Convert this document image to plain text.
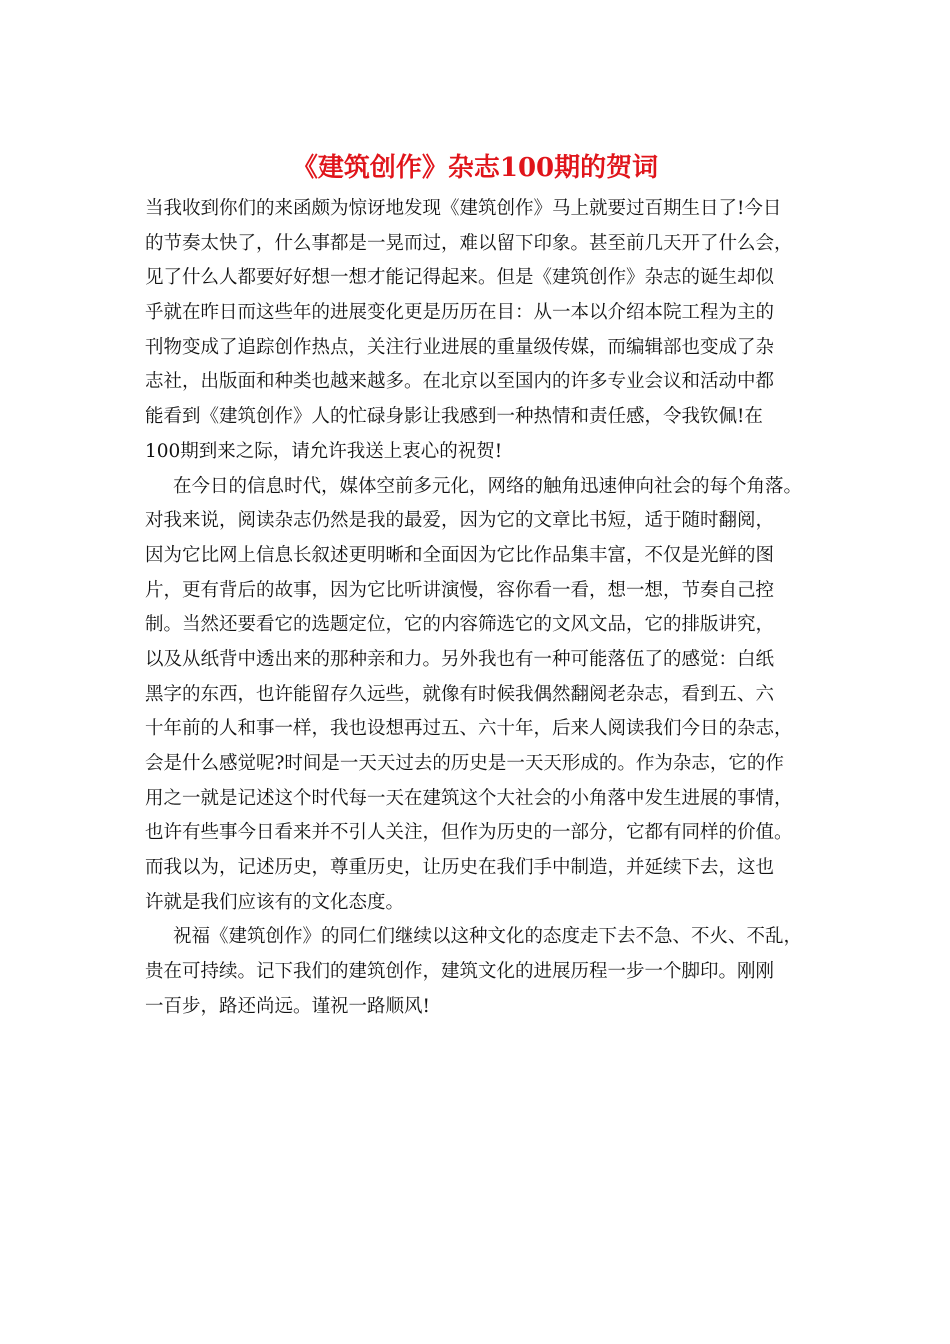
《建筑创作》杂志100期的贺词
当我收到你们的来函颇为惊讶地发现《建筑创作》马上就要过百期生日了!今日
的节奏太快了，什么事都是一晃而过，难以留下印象。甚至前几天开了什么会，
见了什么人都要好好想一想才能记得起来。但是《建筑创作》杂志的诞生却似
乎就在昨日而这些年的进展变化更是历历在目：从一本以介绍本院工程为主的
刊物变成了追踪创作热点，关注行业进展的重量级传媒，而编辑部也变成了杂
志社，出版面和种类也越来越多。在北京以至国内的许多专业会议和活动中都
能看到《建筑创作》人的忙碌身影让我感到一种热情和责任感，令我钦佩!在
100期到来之际，请允许我送上衷心的祝贺!
在今日的信息时代，媒体空前多元化，网络的触角迅速伸向社会的每个角落。
对我来说，阅读杂志仍然是我的最爱，因为它的文章比书短，适于随时翻阅，
因为它比网上信息长叙述更明晰和全面因为它比作品集丰富，不仅是光鲜的图
片，更有背后的故事，因为它比听讲演慢，容你看一看，想一想，节奏自己控
制。当然还要看它的选题定位，它的内容筛选它的文风文品，它的排版讲究，
以及从纸背中透出来的那种亲和力。另外我也有一种可能落伍了的感觉：白纸
黑字的东西，也许能留存久远些，就像有时候我偶然翻阅老杂志，看到五、六
十年前的人和事一样，我也设想再过五、六十年，后来人阅读我们今日的杂志，
会是什么感觉呢?时间是一天天过去的历史是一天天形成的。作为杂志，它的作
用之一就是记述这个时代每一天在建筑这个大社会的小角落中发生进展的事情，
也许有些事今日看来并不引人关注，但作为历史的一部分，它都有同样的价值。
而我以为，记述历史，尊重历史，让历史在我们手中制造，并延续下去，这也
许就是我们应该有的文化态度。
祝福《建筑创作》的同仁们继续以这种文化的态度走下去不急、不火、不乱，
贵在可持续。记下我们的建筑创作，建筑文化的进展历程一步一个脚印。刚刚
一百步，路还尚远。谨祝一路顺风!
